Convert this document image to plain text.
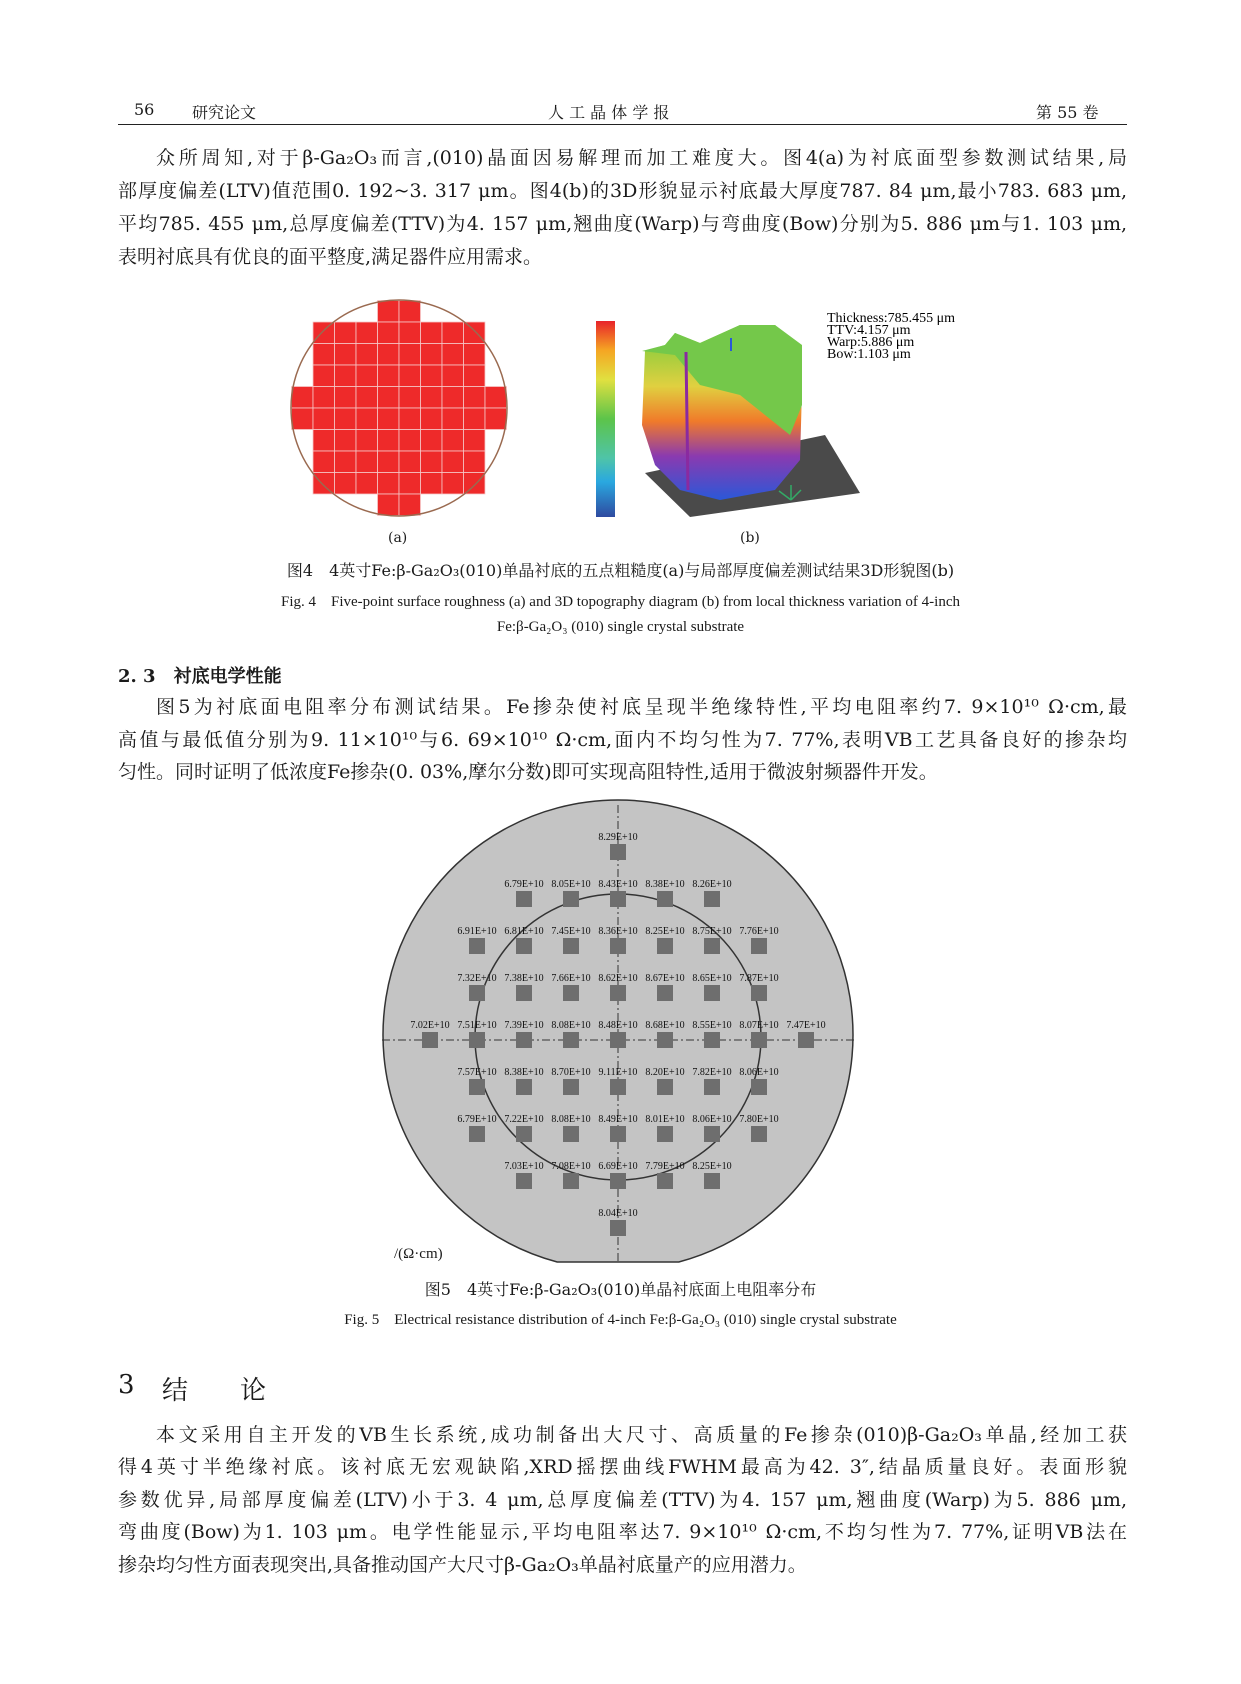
56 研究论文	人 工 晶 体 学 报	第 55 卷
众所周知,对于β-Ga₂O₃而言,(010)晶面因易解理而加工难度大。图4(a)为衬底面型参数测试结果,局
部厚度偏差(LTV)值范围0. 192~3. 317 μm。图4(b)的3D形貌显示衬底最大厚度787. 84 μm,最小783. 683 μm,
平均785. 455 μm,总厚度偏差(TTV)为4. 157 μm,翘曲度(Warp)与弯曲度(Bow)分别为5. 886 μm与1. 103 μm,
表明衬底具有优良的面平整度,满足器件应用需求。
Thickness:785.455 μm
TTV:4.157 μm
Warp:5.886 μm
Bow:1.103 μm
(a)	(b)
图4　4英寸Fe:β-Ga₂O₃(010)单晶衬底的五点粗糙度(a)与局部厚度偏差测试结果3D形貌图(b)
Fig. 4　Five-point surface roughness (a) and 3D topography diagram (b) from local thickness variation of 4-inch
Fe:β-Ga₂O₃ (010) single crystal substrate
2. 3　衬底电学性能
图5为衬底面电阻率分布测试结果。Fe掺杂使衬底呈现半绝缘特性,平均电阻率约7. 9×10¹⁰ Ω·cm,最
高值与最低值分别为9. 11×10¹⁰与6. 69×10¹⁰ Ω·cm,面内不均匀性为7. 77%,表明VB工艺具备良好的掺杂均
匀性。同时证明了低浓度Fe掺杂(0. 03%,摩尔分数)即可实现高阻特性,适用于微波射频器件开发。
8.29E+10
6.79E+10 8.05E+10 8.43E+10 8.38E+10 8.26E+10
6.91E+10 6.81E+10 7.45E+10 8.36E+10 8.25E+10 8.75E+10 7.76E+10
7.32E+10 7.38E+10 7.66E+10 8.62E+10 8.67E+10 8.65E+10 7.87E+10
7.02E+10 7.51E+10 7.39E+10 8.08E+10 8.48E+10 8.68E+10 8.55E+10 8.07E+10 7.47E+10
7.57E+10 8.38E+10 8.70E+10 9.11E+10 8.20E+10 7.82E+10 8.06E+10
6.79E+10 7.22E+10 8.08E+10 8.49E+10 8.01E+10 8.06E+10 7.80E+10
7.03E+10 7.08E+10 6.69E+10 7.79E+10 8.25E+10
8.04E+10
/(Ω·cm)
图5　4英寸Fe:β-Ga₂O₃(010)单晶衬底面上电阻率分布
Fig. 5　Electrical resistance distribution of 4-inch Fe:β-Ga₂O₃ (010) single crystal substrate
3 结　　论
本文采用自主开发的VB生长系统,成功制备出大尺寸、高质量的Fe掺杂(010)β-Ga₂O₃单晶,经加工获
得4英寸半绝缘衬底。该衬底无宏观缺陷,XRD摇摆曲线FWHM最高为42. 3″,结晶质量良好。表面形貌
参数优异,局部厚度偏差(LTV)小于3. 4 μm,总厚度偏差(TTV)为4. 157 μm,翘曲度(Warp)为5. 886 μm,
弯曲度(Bow)为1. 103 μm。电学性能显示,平均电阻率达7. 9×10¹⁰ Ω·cm,不均匀性为7. 77%,证明VB法在
掺杂均匀性方面表现突出,具备推动国产大尺寸β-Ga₂O₃单晶衬底量产的应用潜力。
